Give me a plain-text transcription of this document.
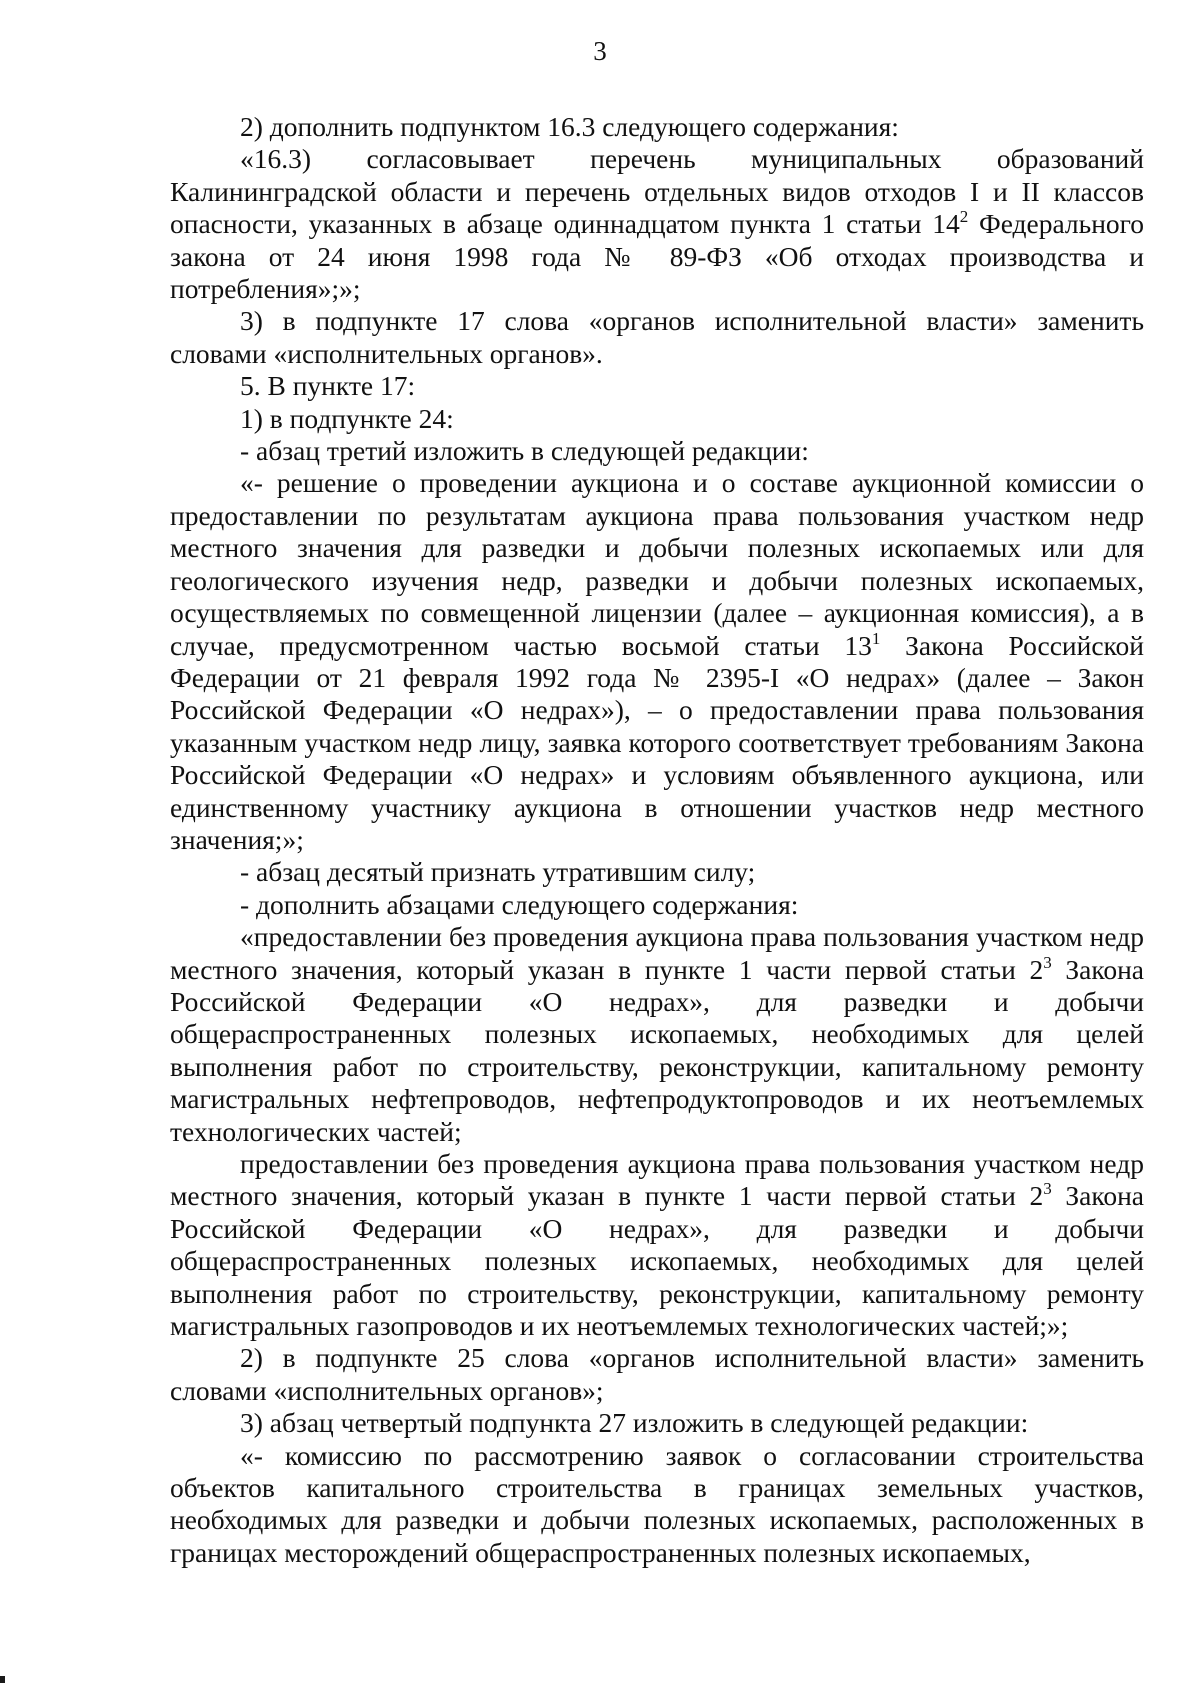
3

2) дополнить подпунктом 16.3 следующего содержания:

«16.3) согласовывает перечень муниципальных образований Калининградской области и перечень отдельных видов отходов I и II классов опасности, указанных в абзаце одиннадцатом пункта 1 статьи $14^2$ Федерального закона от 24 июня 1998 года № 89-ФЗ «Об отходах производства и потребления»;»;

3) в подпункте 17 слова «органов исполнительной власти» заменить словами «исполнительных органов».

5. В пункте 17:

1) в подпункте 24:

- абзац третий изложить в следующей редакции:

«- решение о проведении аукциона и о составе аукционной комиссии о предоставлении по результатам аукциона права пользования участком недр местного значения для разведки и добычи полезных ископаемых или для геологического изучения недр, разведки и добычи полезных ископаемых, осуществляемых по совмещенной лицензии (далее – аукционная комиссия), а в случае, предусмотренном частью восьмой статьи $13^1$ Закона Российской Федерации от 21 февраля 1992 года № 2395-I «О недрах» (далее – Закон Российской Федерации «О недрах»), – о предоставлении права пользования указанным участком недр лицу, заявка которого соответствует требованиям Закона Российской Федерации «О недрах» и условиям объявленного аукциона, или единственному участнику аукциона в отношении участков недр местного значения;»;

- абзац десятый признать утратившим силу;

- дополнить абзацами следующего содержания:

«предоставлении без проведения аукциона права пользования участком недр местного значения, который указан в пункте 1 части первой статьи $2^3$ Закона Российской Федерации «О недрах», для разведки и добычи общераспространенных полезных ископаемых, необходимых для целей выполнения работ по строительству, реконструкции, капитальному ремонту магистральных нефтепроводов, нефтепродуктопроводов и их неотъемлемых технологических частей;

предоставлении без проведения аукциона права пользования участком недр местного значения, который указан в пункте 1 части первой статьи $2^3$ Закона Российской Федерации «О недрах», для разведки и добычи общераспространенных полезных ископаемых, необходимых для целей выполнения работ по строительству, реконструкции, капитальному ремонту магистральных газопроводов и их неотъемлемых технологических частей;»;

2) в подпункте 25 слова «органов исполнительной власти» заменить словами «исполнительных органов»;

3) абзац четвертый подпункта 27 изложить в следующей редакции:

«- комиссию по рассмотрению заявок о согласовании строительства объектов капитального строительства в границах земельных участков, необходимых для разведки и добычи полезных ископаемых, расположенных в границах месторождений общераспространенных полезных ископаемых,
